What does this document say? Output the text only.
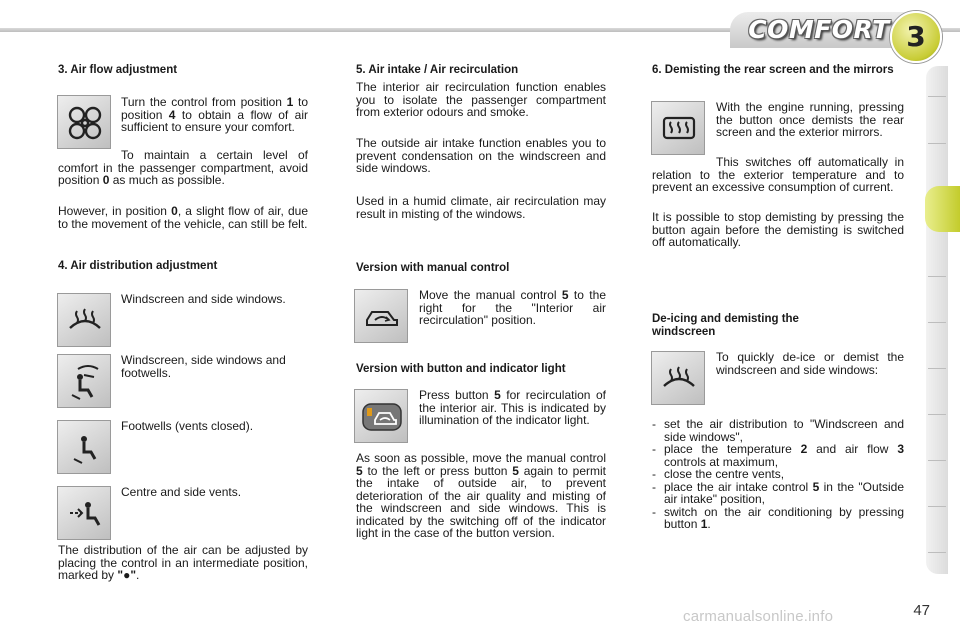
COMFORT 3
3. Air flow adjustment

Turn the control from position 1 to position 4 to obtain a flow of air sufficient to ensure your comfort.

To maintain a certain level of comfort in the passenger compartment, avoid position 0 as much as possible.

However, in position 0, a slight flow of air, due to the movement of the vehicle, can still be felt.

4. Air distribution adjustment

Windscreen and side windows.

Windscreen, side windows and footwells.

Footwells (vents closed).

Centre and side vents.

The distribution of the air can be adjusted by placing the control in an intermediate position, marked by "●".

5. Air intake / Air recirculation

The interior air recirculation function enables you to isolate the passenger compartment from exterior odours and smoke.

The outside air intake function enables you to prevent condensation on the windscreen and side windows.

Used in a humid climate, air recirculation may result in misting of the windows.

Version with manual control

Move the manual control 5 to the right for the "Interior air recirculation" position.

Version with button and indicator light

Press button 5 for recirculation of the interior air. This is indicated by illumination of the indicator light.

As soon as possible, move the manual control 5 to the left or press button 5 again to permit the intake of outside air, to prevent deterioration of the air quality and misting of the windscreen and side windows. This is indicated by the switching off of the indicator light in the case of the button version.

6. Demisting the rear screen and the mirrors

With the engine running, pressing the button once demists the rear screen and the exterior mirrors.

This switches off automatically in relation to the exterior temperature and to prevent an excessive consumption of current.

It is possible to stop demisting by pressing the button again before the demisting is switched off automatically.

De-icing and demisting the windscreen

To quickly de-ice or demist the windscreen and side windows:

- set the air distribution to "Windscreen and side windows",
- place the temperature 2 and air flow 3 controls at maximum,
- close the centre vents,
- place the air intake control 5 in the "Outside air intake" position,
- switch on the air conditioning by pressing button 1.
carmanualsonline.info	47
